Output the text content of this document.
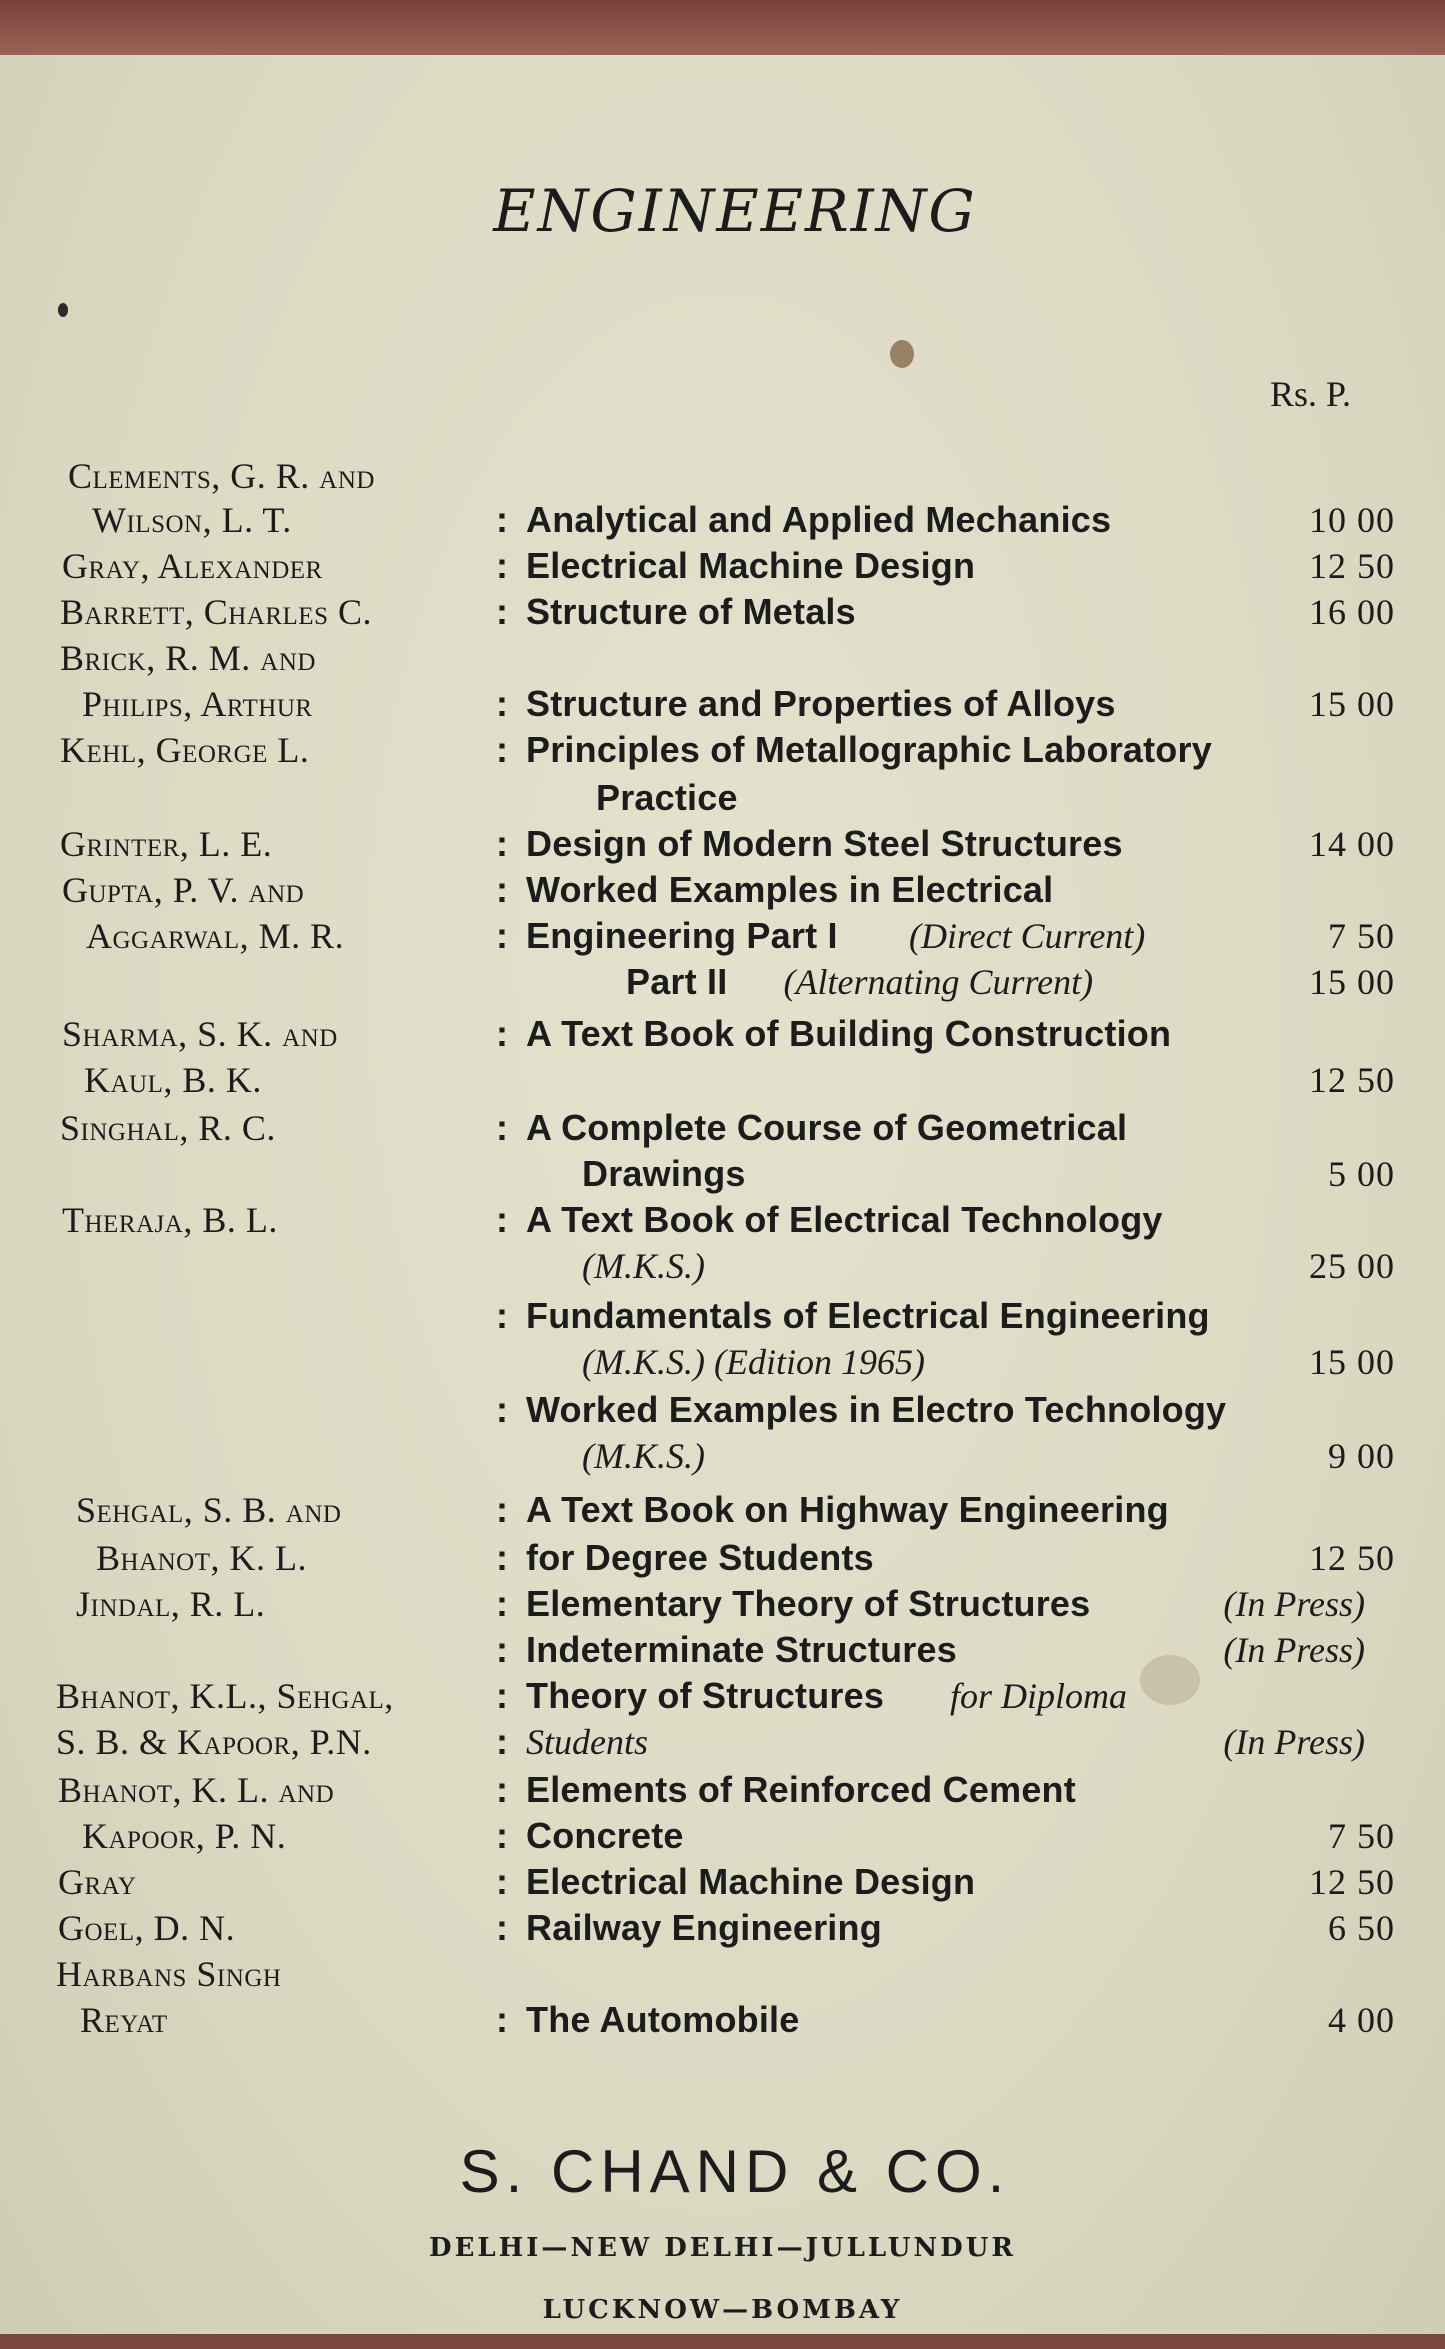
ENGINEERING
Rs. P.
Clements, G. R. and
Wilson, L. T.	: Analytical and Applied Mechanics	10 00
Gray, Alexander	: Electrical Machine Design	12 50
Barrett, Charles C.	: Structure of Metals	16 00
Brick, R. M. and
Philips, Arthur	: Structure and Properties of Alloys	15 00
Kehl, George L.	: Principles of Metallographic Laboratory
Practice
Grinter, L. E.	: Design of Modern Steel Structures	14 00
Gupta, P. V. and	: Worked Examples in Electrical
Aggarwal, M. R.	: Engineering Part I (Direct Current)	7 50
Part II (Alternating Current)	15 00
Sharma, S. K. and	: A Text Book of Building Construction
Kaul, B. K.	12 50
Singhal, R. C.	: A Complete Course of Geometrical
Drawings	5 00
Theraja, B. L.	: A Text Book of Electrical Technology
(M.K.S.)	25 00
: Fundamentals of Electrical Engineering
(M.K.S.) (Edition 1965)	15 00
: Worked Examples in Electro Technology
(M.K.S.)	9 00
Sehgal, S. B. and	: A Text Book on Highway Engineering
Bhanot, K. L.	: for Degree Students	12 50
Jindal, R. L.	: Elementary Theory of Structures	(In Press)
: Indeterminate Structures	(In Press)
Bhanot, K.L., Sehgal,	: Theory of Structures for Diploma
S. B. & Kapoor, P.N.	: Students	(In Press)
Bhanot, K. L. and	: Elements of Reinforced Cement
Kapoor, P. N.	: Concrete	7 50
Gray	: Electrical Machine Design	12 50
Goel, D. N.	: Railway Engineering	6 50
Harbans Singh
Reyat	: The Automobile	4 00
S. CHAND & CO.
DELHI—NEW DELHI—JULLUNDUR
LUCKNOW—BOMBAY
